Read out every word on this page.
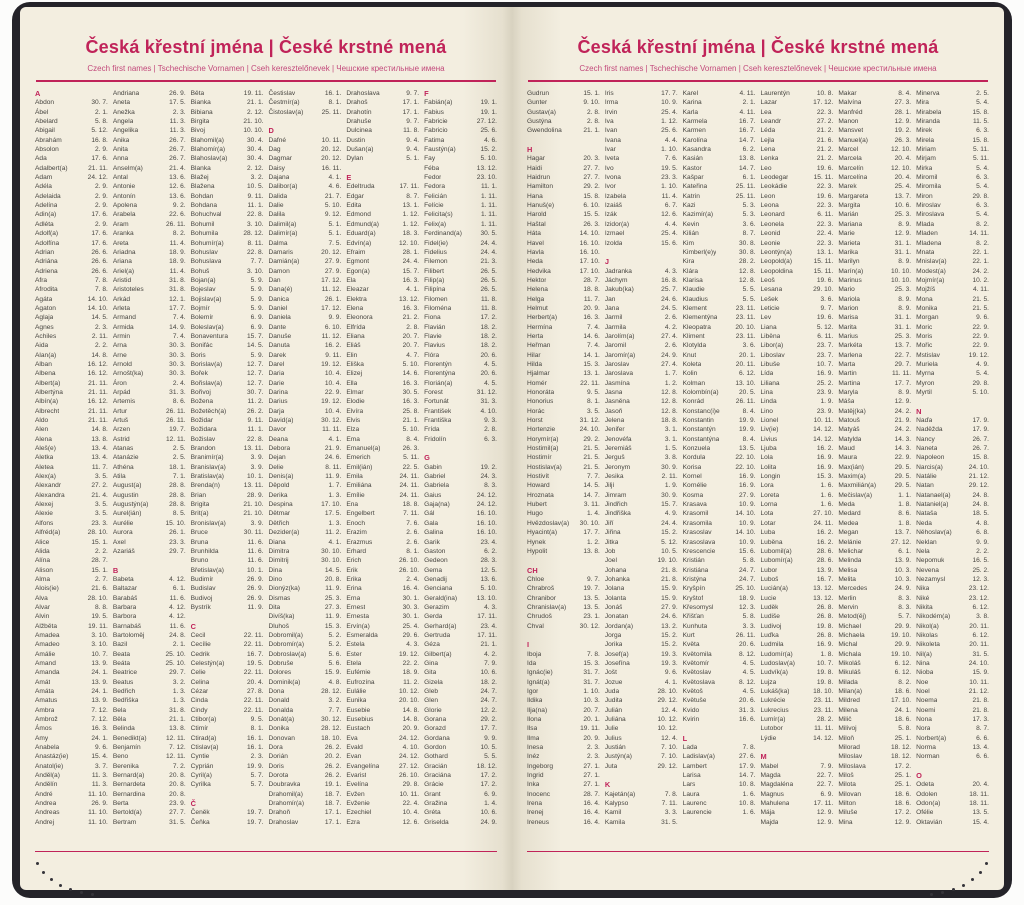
Česká křestní jména | České krstné mená
Czech first names | Tschechische Vornamen | Cseh keresztelőnevek | Чешские крестильные имена
A
Abdon	30. 7.
Ábel	2. 1.
Abelard	5. 8.
Abigail	5. 12.
Abrahám	16. 8.
Absolon	2. 9.
Ada	17. 6.
Adalbert(a)	21. 11.
Adam	24. 12.
Adéla	2. 9.
Adelaida	2. 9.
Adelína	2. 9.
Adin(a)	17. 6.
Adléta	2. 9.
Adolf(a)	17. 6.
Adolfína	17. 6.
Adrian	26. 6.
Adriána	26. 6.
Adriena	26. 6.
Afra	7. 8.
Afrodita	7. 8.
Agáta	14. 10.
Agaton	14. 10.
Aglaja	14. 5.
Agnes	2. 3.
Achiles	2. 11.
Aida	2. 2.
Alan(a)	14. 8.
Alban	16. 12.
Albena	16. 12.
Albert(a)	21. 11.
Albertýna	21. 11.
Albín(a)	16. 12.
Albrecht	21. 11.
Aldo	21. 11.
Alen	14. 8.
Alena	13. 8.
Aleš(e)	13. 4.
Aletka	13. 4.
Aletea	11. 7.
Alex(a)	3. 5.
Alexandr	27. 2.
Alexandra	21. 4.
Alexej	3. 5.
Alexie	3. 5.
Alfons	23. 3.
Alfréd(a)	28. 10.
Alice	15. 1.
Alida	2. 2.
Alína	28. 7.
Alison	15. 1.
Alma	2. 7.
Alois(ie)	21. 6.
Alva	28. 10.
Alvar	8. 8.
Alvin	19. 5.
Alžběta	19. 11.
Amadea	3. 10.
Amadeo	3. 10.
Amálie	10. 7.
Amand	13. 9.
Amanda	24. 1.
Amát	13. 9.
Amáta	24. 1.
Amatus	13. 9.
Ambra	7. 12.
Ambrož	7. 12.
Ámos	16. 3.
Amy	24. 1.
Anabela	9. 6.
Anastáz(ie)	15. 4.
Anatol(ie)	3. 7.
Anděl(a)	11. 3.
Andělín	11. 3.
André	11. 10.
Andrea	26. 9.
Andreas	11. 10.
Andrej	11. 10.
Andriana	26. 9.
Aneta	17. 5.
Anežka	2. 3.
Angela	11. 3.
Angelika	11. 3.
Anika	26. 7.
Anita	26. 7.
Anna	26. 7.
Anselm(a)	21. 4.
Antal	13. 6.
Antonie	12. 6.
Antonín	13. 6.
Apolena	9. 2.
Arabela	22. 6.
Aram	26. 11.
Aranka	8. 2.
Areta	11. 4.
Ariadna	18. 9.
Ariana	18. 9.
Ariel(a)	11. 4.
Aristid	31. 8.
Aristoteles	31. 8.
Arkád	12. 1.
Arleta	17. 7.
Armand	7. 4.
Armida	14. 9.
Armin	7. 4.
Arna	30. 3.
Arne	30. 3.
Arnold	30. 3.
Arnošt(ka)	30. 3.
Áron	2. 4.
Arpád	31. 3.
Artemis	8. 6.
Artur	26. 11.
Artuš	26. 11.
Arzen	19. 7.
Astrid	12. 11.
Atanas	2. 5.
Atanázie	2. 5.
Athéna	18. 1.
Atila	7. 1.
August(a)	28. 8.
Augustin	28. 8.
Augustýn(a)	28. 8.
Aurel(ián)	8. 5.
Aurélie	15. 10.
Aurora	26. 1.
Axel	23. 3.
Azariáš	29. 7.
B
Babeta	4. 12.
Baltazar	6. 1.
Barabáš	11. 6.
Barbara	4. 12.
Barbora	4. 12.
Barnabáš	11. 6.
Bartoloměj	24. 8.
Bazil	2. 1.
Beata	25. 10.
Beáta	25. 10.
Beatrice	29. 7.
Beatus	3. 2.
Bedřich	1. 3.
Bedřiška	1. 3.
Bela	31. 8.
Běla	21. 1.
Belinda	13. 8.
Benedikt(a)	12. 11.
Benjamín	7. 12.
Beno	12. 11.
Berenika	7. 2.
Bernard(a)	20. 8.
Bernardeta	20. 8.
Bernardina	20. 8.
Berta	23. 9.
Bertold(a)	27. 7.
Bertram	31. 5.
Běta	19. 11.
Bianka	21. 1.
Bibiana	2. 12.
Birgita	21. 10.
Bivoj	10. 10.
Blahomil(a)	30. 4.
Blahomír(a)	30. 4.
Blahoslav(a)	30. 4.
Blanka	2. 12.
Blažej	3. 2.
Blažena	10. 5.
Bohdan	9. 11.
Bohdana	11. 1.
Bohuchval	22. 8.
Bohumil	3. 10.
Bohumila	28. 12.
Bohumír(a)	8. 11.
Bohuslav	22. 8.
Bohuslava	7. 7.
Bohuš	3. 10.
Bojan(a)	5. 9.
Bojeslav	5. 9.
Bojislav(a)	5. 9.
Bojmír	5. 9.
Bolemír	6. 9.
Boleslav(a)	6. 9.
Bonaventura	15. 7.
Bonifác	14. 5.
Boris	5. 9.
Borislav(a)	12. 7.
Bořek	12. 7.
Bořislav(a)	12. 7.
Bořivoj	30. 7.
Božena	11. 2.
Božetěch(a)	26. 2.
Božidar	9. 11.
Božidara	11. 1.
Božislav	22. 8.
Brandon	13. 11.
Branimír(a)	3. 9.
Branislav(a)	3. 9.
Bratislav(a)	10. 1.
Brenda(n)	13. 11.
Brian	28. 9.
Brigita	21. 10.
Brit(a)	21. 10.
Bronislav(a)	3. 9.
Bruce	30. 11.
Bruna	11. 6.
Brunhilda	11. 6.
Bruno	11. 6.
Břetislav(a)	10. 1.
Budimír	26. 9.
Budislav	26. 9.
Budivoj	26. 9.
Bystrík	11. 9.
C
Cecil	22. 11.
Cecílie	22. 11.
Cedrik	16. 7.
Celestýn(a)	19. 5.
Celie	22. 11.
Celina	20. 4.
Cézar	27. 8.
Cinda	22. 11.
Cindy	22. 11.
Ctibor(a)	9. 5.
Ctimír	8. 1.
Ctirad(a)	16. 1.
Ctislav(a)	16. 1.
Cyntie	2. 3.
Cyprián	19. 9.
Cyril(a)	5. 7.
Cyrilka	5. 7.
Č
Čeněk	19. 7.
Čeňka	19. 7.
Čestislav	16. 1.
Čestmír(a)	8. 1.
Čistoslav(a)	25. 11.
D
Dafné	10. 11.
Dag	20. 12.
Dagmar	20. 12.
Daisy	16. 11.
Dajana	4. 1.
Dalibor(a)	4. 6.
Dalida	21. 7.
Dalie	5. 10.
Dalila	9. 12.
Dalimil(a)	5. 1.
Dalimír(a)	5. 1.
Dalma	7. 5.
Damaris	20. 12.
Damián(a)	27. 9.
Damon	27. 9.
Dan	17. 12.
Dana(é)	11. 12.
Danica	26. 1.
Daniel	17. 12.
Daniela	9. 9.
Dante	6. 10.
Danuše	11. 12.
Danuta	16. 2.
Darek	9. 11.
Darel	19. 12.
Daria	10. 4.
Darie	10. 4.
Darina	22. 9.
Darius	19. 12.
Darja	10. 4.
David(a)	30. 12.
Davor	11. 11.
Deana	4. 1.
Debora	21. 9.
Dejan	24. 6.
Delie	8. 11.
Denis(a)	11. 9.
Děpold	1. 7.
Derika	1. 3.
Despina	17. 10.
Dětmar	17. 5.
Dětřich	1. 3.
Dezider(a)	11. 2.
Diana	4. 1.
Dimitra	30. 10.
Dimitrij	30. 10.
Dina	14. 5.
Dino	20. 8.
Dionýz(ka)	11. 9.
Dismas	25. 3.
Dita	27. 3.
Divíš(ka)	11. 9.
Dluhoš	15. 3.
Dobromil(a)	5. 2.
Dobromír(a)	5. 2.
Dobroslav(a)	5. 6.
Dobruše	5. 6.
Dolores	15. 9.
Dominik(a)	4. 8.
Dona	28. 12.
Donald	3. 2.
Donalda	7. 7.
Donát(a)	30. 12.
Donika	28. 12.
Donovan	18. 10.
Dora	26. 2.
Dorián	20. 2.
Doris	26. 2.
Dorota	26. 2.
Doubravka	19. 1.
Drahomil(a)	18. 7.
Drahomír(a)	18. 7.
Drahoň	17. 1.
Drahoslav	17. 1.
Drahoslava	9. 7.
Drahoš	17. 1.
Drahotín	17. 1.
Drahuše	9. 7.
Dulcinea	11. 8.
Dustin	9. 4.
Dušan(a)	9. 4.
Dylan	5. 1.
E
Edeltruda	17. 11.
Edgar	8. 7.
Edita	13. 1.
Edmond	1. 12.
Edmund(a)	1. 12.
Eduard(a)	18. 3.
Edvín(a)	12. 10.
Efraim	28. 1.
Egmont	24. 4.
Egon(a)	15. 7.
Ela	16. 3.
Eleazar	4. 1.
Elektra	13. 12.
Elena	16. 3.
Eleonora	21. 2.
Elfrída	2. 8.
Eliana	20. 7.
Eliáš	20. 7.
Elin	4. 7.
Eliška	5. 10.
Elizej	14. 6.
Ella	16. 3.
Elmar	30. 5.
Elodie	16. 3.
Elvíra	25. 8.
Elvis	21. 1.
Elza	5. 10.
Ema	8. 4.
Emanuel(a)	26. 3.
Emerich	5. 11.
Emil(ián)	22. 5.
Emila	24. 11.
Emiliána	24. 11.
Emílie	24. 11.
Ena	18. 8.
Engelbert	7. 11.
Enoch	7. 6.
Erazim	2. 6.
Erazmus	2. 6.
Erhard	8. 1.
Erich	26. 10.
Erik	26. 10.
Erika	2. 4.
Erina	16. 4.
Erna	30. 1.
Ernest	30. 3.
Ernesta	30. 1.
Ervín(a)	25. 4.
Esmeralda	29. 6.
Estela	4. 3.
Ester	19. 12.
Etela	22. 2.
Eufémie	18. 9.
Eufrozína	11. 2.
Eulálie	10. 12.
Eunika	20. 10.
Eusebie	14. 8.
Eusebius	14. 8.
Eustach	20. 9.
Eva	24. 12.
Evald	4. 10.
Evan	24. 12.
Evangelína	27. 12.
Evarist	26. 10.
Evelína	29. 8.
Evžen	10. 11.
Evženie	22. 4.
Ezechiel	10. 4.
Ezra	12. 6.
F
Fabián(a)	19. 1.
Fabius	19. 1.
Fabricie	27. 12.
Fabricio	25. 6.
Fatima	4. 6.
Faustýn(a)	15. 2.
Fay	5. 10.
Féba	13. 12.
Fedor	23. 10.
Fedora	11. 1.
Felicián	1. 11.
Felície	1. 11.
Felicita(s)	1. 11.
Felix(a)	1. 11.
Ferdinand(a)	30. 5.
Fidel(ie)	24. 4.
Fidelius	24. 4.
Filemon	21. 3.
Filibert	26. 5.
Filip(a)	26. 5.
Filipína	26. 5.
Filomen	11. 8.
Filoména	11. 8.
Fiona	17. 2.
Flavián	18. 2.
Flavie	18. 2.
Flavius	18. 2.
Flóra	20. 6.
Florentýn	4. 5.
Florentýna	20. 6.
Florián(a)	4. 5.
Forest	31. 12.
Fortunát	31. 3.
František	4. 10.
Františka	9. 3.
Frída	2. 8.
Fridolín	6. 3.
G
Gabin	19. 2.
Gabriel	24. 3.
Gabriela	8. 3.
Gaius	24. 12.
Gaja(na)	24. 12.
Gál	16. 10.
Gala	16. 10.
Galina	16. 10.
Garik	23. 4.
Gaston	6. 2.
Gedeon	28. 3.
Gema	12. 5.
Genadij	13. 6.
Genciana	5. 10.
Gerald(ina)	13. 10.
Gerazim	4. 3.
Gerda	17. 11.
Gerhard(a)	23. 4.
Gertruda	17. 11.
Géza	21. 1.
Gilbert(a)	4. 2.
Gina	7. 9.
Gita	10. 6.
Gizela	18. 2.
Gleb	24. 7.
Glen	24. 7.
Glorie	12. 2.
Gorana	29. 2.
Gorazd	17. 7.
Gordana	9. 9.
Gordon	10. 5.
Gothard	5. 5.
Gracián	18. 12.
Graciána	17. 2.
Grácie	17. 2.
Grant	6. 9.
Gražina	1. 4.
Gréta	10. 6.
Griselda	24. 9.
Česká křestní jména | České krstné mená
Czech first names | Tschechische Vornamen | Cseh keresztelőnevek | Чешские крестильные имена
Gudrun	15. 1.
Gunter	9. 10.
Gustav(a)	2. 8.
Gustýna	2. 8.
Gwendolina	21. 1.
H
Hagar	20. 3.
Haidi	27. 7.
Haidrun	27. 7.
Hamilton	29. 2.
Hana	15. 8.
Hanuš(e)	6. 10.
Harold	15. 5.
Haštal	26. 3.
Háta	14. 10.
Havel	16. 10.
Havla	16. 10.
Heda	17. 10.
Hedvika	17. 10.
Hektor	28. 7.
Helena	18. 8.
Helga	11. 7.
Helmut	20. 9.
Herbert(a)	16. 3.
Hermína	7. 4.
Herta	14. 6.
Heřman	7. 4.
Hilar	14. 1.
Hilda	15. 3.
Hjalmar	13. 1.
Homér	22. 11.
Honoráta	9. 5.
Honorius	8. 1.
Horác	3. 5.
Horst	31. 12.
Hortenzie	24. 10.
Horymír(a)	29. 2.
Hostimil(a)	21. 5.
Hostimír	21. 5.
Hostislav(a)	21. 5.
Hostivít	7. 7.
Howard	14. 5.
Hroznata	14. 7.
Hubert	3. 11.
Hugo	1. 4.
Hvězdoslav(a) 30. 10.
Hyacint(a)	17. 7.
Hynek	1. 2.
Hypolit	13. 8.
CH
Chloe	9. 7.
Chrabroš	19. 7.
Chranibor	13. 5.
Chranislav(a)	13. 5.
Chrudoš	23. 1.
Chval	30. 12.
I
Iboja	7. 8.
Ida	15. 3.
Ignác(ie)	31. 7.
Ignát(a)	31. 7.
Igor	1. 10.
Ildika	10. 3.
Ilja(na)	20. 7.
Ilona	20. 1.
Ilsa	19. 11.
Ilma	20. 9.
Inesa	2. 3.
Inéz	2. 3.
Ingeborg	27. 1.
Ingrid	27. 1.
Inka	27. 1.
Inocenc	28. 7.
Irena	16. 4.
Irenej	16. 4.
Ireneus	16. 4.
Iris	17. 7.
Irma	10. 9.
Irvin	25. 4.
Iva	1. 12.
Ivan	25. 6.
Ivana	4. 4.
Ivar	1. 10.
Iveta	7. 6.
Ivo	19. 5.
Ivona	23. 3.
Ivor	1. 10.
Izabela	11. 4.
Izaiáš	6. 7.
Izák	12. 6.
Izidor(a)	4. 4.
Izmael	25. 4.
Izolda	15. 6.
J
Jadranka	4. 3.
Jáchym	16. 8.
Jakub(ka)	25. 7.
Jan	24. 6.
Jana	24. 5.
Jarmil	2. 6.
Jarmila	4. 2.
Jarolím(a)	27. 4.
Jaromil	2. 6.
Jaromír(a)	24. 9.
Jaroslav	27. 4.
Jaroslava	1. 7.
Jasmína	1. 2.
Jasna	12. 8.
Jasněna	12. 8.
Jasoň	12. 8.
Jelena	18. 8.
Jenifer	3. 1.
Jenovéfa	3. 1.
Jeremiáš	1. 5.
Jerguš	3. 8.
Jeronym	30. 9.
Jesika	2. 11.
Jiljí	1. 9.
Jimram	30. 9.
Jindřich	15. 7.
Jindřiška	4. 9.
Jiří	24. 4.
Jiřina	15. 2.
Jitka	5. 12.
Job	10. 5.
Joel	19. 10.
Johana	21. 8.
Johanka	21. 8.
Jolana	15. 9.
Jolanta	15. 9.
Jonáš	27. 9.
Jonatan	24. 6.
Jordan(a)	13. 2.
Jorga	15. 2.
Jorika	15. 2.
Josef(a)	19. 3.
Josefína	19. 3.
Jošt	9. 6.
Jozue	4. 1.
Juda	28. 10.
Judita	29. 12.
Julián	12. 4.
Juliána	10. 12.
Julie	10. 12.
Julius	12. 4.
Justián	7. 10.
Justýn(a)	7. 10.
Juta	29. 12.
K
Kajetán(a)	7. 8.
Kalypso	7. 11.
Kamil	3. 3.
Kamila	31. 5.
Karel	4. 11.
Karina	2. 1.
Karla	4. 11.
Karmela	16. 7.
Karmen	16. 7.
Karolína	14. 7.
Kasandra	6. 2.
Kasián	13. 8.
Kastor	14. 7.
Kašpar	6. 1.
Kateřina	25. 11.
Katrin	25. 11.
Kazi	5. 3.
Kazimír(a)	5. 3.
Kevin	3. 6.
Kilián	8. 7.
Kim	30. 8.
Kimberl(e)y	30. 8.
Kira	28. 2.
Klára	12. 8.
Klarisa	12. 8.
Klaudie	5. 5.
Klaudius	5. 5.
Klement	23. 11.
Klementýna	23. 11.
Kleopatra	20. 10.
Kliment	23. 11.
Klotylda	3. 6.
Knut	20. 1.
Koleta	20. 11.
Kolin	6. 12.
Kolman	13. 10.
Kolombín(a)	20. 5.
Konrád	26. 11.
Konstanc(i)e	8. 4.
Konstantin	19. 9.
Konstantýn	19. 9.
Konstantýna	8. 4.
Konzuela	13. 5.
Kordula	22. 10.
Korisa	22. 10.
Kornel	16. 9.
Kornélie	16. 9.
Kosma	27. 9.
Krasava	10. 9.
Krasomil	14. 10.
Krasomila	10. 9.
Krasoslav	14. 10.
Krasoslava	10. 9.
Krescencie	15. 6.
Kristián	5. 8.
Kristiána	24. 7.
Kristýna	24. 7.
Kryšpín	25. 10.
Kryštof	18. 9.
Křesomysl	12. 3.
Křišťan	5. 8.
Kunhuta	3. 3.
Kurt	26. 11.
Květa	20. 6.
Květomila	8. 12.
Květomír	4. 5.
Květoslav	4. 5.
Květoslava	8. 12.
Květoš	4. 5.
Květuše	20. 6.
Kvido	31. 3.
Kvirin	16. 6.
L
Lada	7. 8.
Ladislav(a)	27. 6.
Lambert	17. 9.
Larisa	14. 7.
Lars	10. 8.
Laura	1. 6.
Laurenc	10. 8.
Laurencie	1. 6.
Laurentýn	10. 8.
Lazar	17. 12.
Lea	22. 3.
Leandr	27. 2.
Léda	21. 2.
Lejla	21. 6.
Lena	21. 2.
Lenka	21. 2.
Leo	19. 6.
Leodegar	15. 11.
Leokádie	22. 3.
Leon	19. 6.
Leona	22. 3.
Leonard	6. 11.
Leonela	22. 3.
Leonid	22. 4.
Leonie	22. 3.
Leontýn(a)	13. 1.
Leopold(a)	15. 11.
Leopoldina	15. 11.
Leoš	19. 6.
Lesana	29. 10.
Lešek	3. 6.
Leticie	9. 7.
Lev	19. 6.
Liana	5. 12.
Liběna	6. 11.
Libor(a)	23. 7.
Liboslav	23. 7.
Libuše	10. 7.
Lída	16. 9.
Liliana	25. 2.
Lina	23. 9.
Linda	1. 9.
Lino	23. 9.
Lionel	10. 11.
Liv(ie)	14. 12.
Livius	14. 12.
Ljuba	16. 2.
Lola	16. 9.
Lolita	16. 9.
Longin	15. 3.
Lora	1. 6.
Loreta	1. 6.
Lorna	1. 6.
Lota	27. 10.
Lotar	24. 11.
Luba	16. 2.
Luběna	16. 2.
Lubomil(a)	28. 6.
Lubomír(a)	28. 6.
Lubor	13. 9.
Luboš	16. 7.
Lucián(a)	13. 12.
Lucie	13. 12.
Luděk	26. 8.
Ludiše	26. 8.
Ludivoj	19. 8.
Luďka	26. 8.
Ludmila	16. 9.
Ludomír(a)	1. 8.
Ludoslav(a)	10. 7.
Ludvík(a)	19. 8.
Lujza	19. 8.
Lukáš(ka)	18. 10.
Lukrécie	23. 11.
Lukrecius	23. 11.
Lumír(a)	28. 2.
Lutobor	11. 11.
Lýdie	14. 12.
M
Mabel	7. 9.
Magda	22. 7.
Magdaléna	22. 7.
Magnus	6. 9.
Mahulena	17. 11.
Mája	12. 9.
Majda	12. 9.
Makar	8. 4.
Malvína	27. 3.
Manfréd	28. 1.
Manon	12. 9.
Mansvet	19. 2.
Manuel(a)	26. 3.
Marcel	12. 10.
Marcela	20. 4.
Marcelín	12. 10.
Marcelína	20. 4.
Marek	25. 4.
Margareta	13. 7.
Margita	10. 6.
Marián	25. 3.
Mariana	8. 9.
Marie	12. 9.
Marieta	31. 1.
Marika	31. 1.
Marilyn	8. 9.
Marín(a)	10. 10.
Marinus	10. 10.
Mario	25. 3.
Mariola	8. 9.
Marion	8. 9.
Marisa	31. 1.
Marita	31. 1.
Marius	25. 3.
Markéta	13. 7.
Marlena	22. 7.
Marta	29. 7.
Martin	11. 11.
Martina	17. 7.
Maryla	8. 9.
Máša	12. 9.
Matěj(ka)	24. 2.
Matouš	21. 9.
Matyáš	24. 2.
Matylda	14. 3.
Maud	14. 3.
Maura	22. 9.
Max(ián)	29. 5.
Maxim(a)	29. 5.
Maxmilián(a)	29. 5.
Mečislav(a)	1. 1.
Meda	1. 8.
Medard	8. 6.
Medea	1. 8.
Megan	13. 7.
Melánie	27. 12.
Melichar	6. 1.
Melinda	13. 9.
Melisa	10. 3.
Melita	10. 3.
Mercedes	24. 9.
Merlin	8. 3.
Mervin	8. 3.
Metod(ěj)	5. 7.
Michael	29. 9.
Michaela	19. 10.
Michal	29. 9.
Michala	19. 10.
Mikoláš	6. 12.
Mikuláš	6. 12.
Milada	8. 2.
Milan(a)	18. 6.
Mildred	17. 10.
Milena	24. 1.
Milič	18. 6.
Milivoj	5. 8.
Miloň	25. 1.
Milorad	18. 12.
Miloslav	18. 12.
Miloslava	17. 2.
Miloš	25. 1.
Milota	25. 1.
Milovan	18. 6.
Milton	18. 6.
Miluše	17. 2.
Mina	12. 9.
Minerva	2. 5.
Mira	5. 4.
Mirabela	15. 8.
Miranda	11. 5.
Mirek	6. 3.
Mirela	15. 8.
Miriam	5. 11.
Mirjam	5. 11.
Mirka	5. 4.
Miromil	6. 3.
Miromila	5. 4.
Miron	29. 8.
Miroslav	6. 3.
Miroslava	5. 4.
Mlada	8. 2.
Mladen	14. 11.
Mladena	8. 2.
Mnata	22. 1.
Mnislav(a)	22. 1.
Modest(a)	24. 2.
Mojmír(a)	10. 2.
Mojžíš	4. 11.
Mona	21. 5.
Monika	21. 5.
Morgan	9. 6.
Moric	22. 9.
Moris	22. 9.
Mořic	22. 9.
Mstislav	19. 12.
Muriela	4. 9.
Myrna	5. 4.
Myron	29. 8.
Myrtil	5. 10.
N
Naďa	17. 9.
Naděžda	17. 9.
Nancy	26. 7.
Naneta	26. 7.
Napoleon	15. 8.
Narcis(a)	24. 10.
Natálie	21. 12.
Natan	29. 12.
Natanael(a)	24. 8.
Nataniel(a)	24. 8.
Nataša	18. 5.
Neda	4. 8.
Něhoslav(a)	6. 8.
Neklan	9. 9.
Nela	2. 2.
Nepomuk	16. 5.
Nevena	25. 2.
Nezamysl	12. 3.
Nika	23. 12.
Niké	23. 12.
Nikita	6. 12.
Nikodém(a)	3. 8.
Nikol(a)	20. 11.
Nikolas	6. 12.
Nikoleta	20. 11.
Nil(a)	31. 5.
Nina	24. 10.
Nioba	15. 9.
Noe	10. 11.
Noel	21. 12.
Noema	21. 8.
Noemi	21. 8.
Nona	17. 3.
Nora	8. 7.
Norbert(a)	6. 6.
Norma	13. 4.
Norman	6. 6.
O
Odeta	20. 4.
Odolen	18. 11.
Odon(a)	18. 11.
Ofélie	13. 5.
Oktavián	15. 4.
